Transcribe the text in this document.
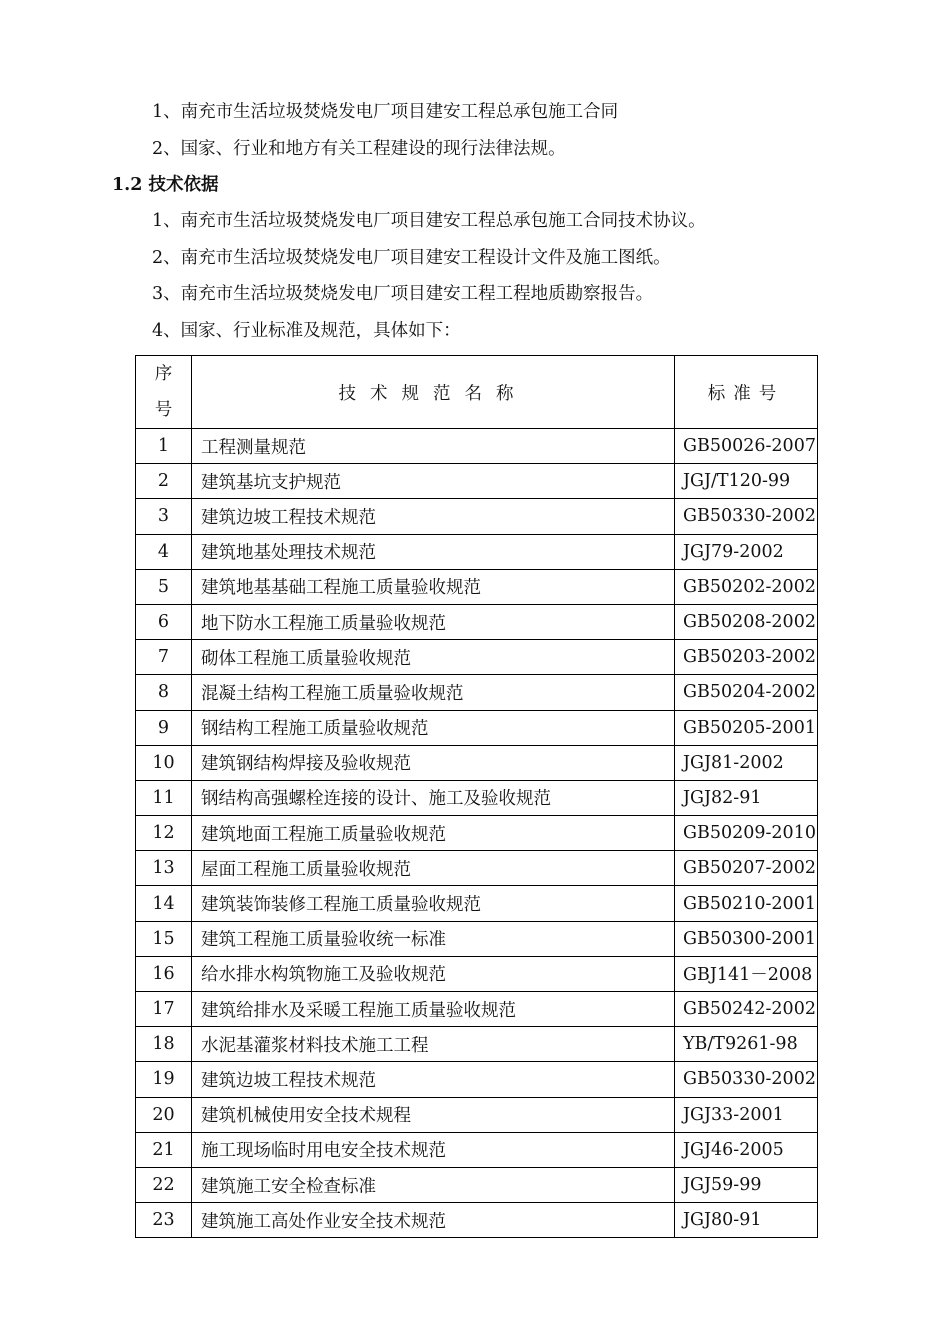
1、南充市生活垃圾焚烧发电厂项目建安工程总承包施工合同
2、国家、行业和地方有关工程建设的现行法律法规。
1.2 技术依据
1、南充市生活垃圾焚烧发电厂项目建安工程总承包施工合同技术协议。
2、南充市生活垃圾焚烧发电厂项目建安工程设计文件及施工图纸。
3、南充市生活垃圾焚烧发电厂项目建安工程工程地质勘察报告。
4、国家、行业标准及规范，具体如下：
序
号	技术规范名称	标准号
1	工程测量规范	GB50026-2007
2	建筑基坑支护规范	JGJ/T120-99
3	建筑边坡工程技术规范	GB50330-2002
4	建筑地基处理技术规范	JGJ79-2002
5	建筑地基基础工程施工质量验收规范	GB50202-2002
6	地下防水工程施工质量验收规范	GB50208-2002
7	砌体工程施工质量验收规范	GB50203-2002
8	混凝土结构工程施工质量验收规范	GB50204-2002
9	钢结构工程施工质量验收规范	GB50205-2001
10	建筑钢结构焊接及验收规范	JGJ81-2002
11	钢结构高强螺栓连接的设计、施工及验收规范	JGJ82-91
12	建筑地面工程施工质量验收规范	GB50209-2010
13	屋面工程施工质量验收规范	GB50207-2002
14	建筑装饰装修工程施工质量验收规范	GB50210-2001
15	建筑工程施工质量验收统一标准	GB50300-2001
16	给水排水构筑物施工及验收规范	GBJ141－2008
17	建筑给排水及采暖工程施工质量验收规范	GB50242-2002
18	水泥基灌浆材料技术施工工程	YB/T9261-98
19	建筑边坡工程技术规范	GB50330-2002
20	建筑机械使用安全技术规程	JGJ33-2001
21	施工现场临时用电安全技术规范	JGJ46-2005
22	建筑施工安全检查标准	JGJ59-99
23	建筑施工高处作业安全技术规范	JGJ80-91
